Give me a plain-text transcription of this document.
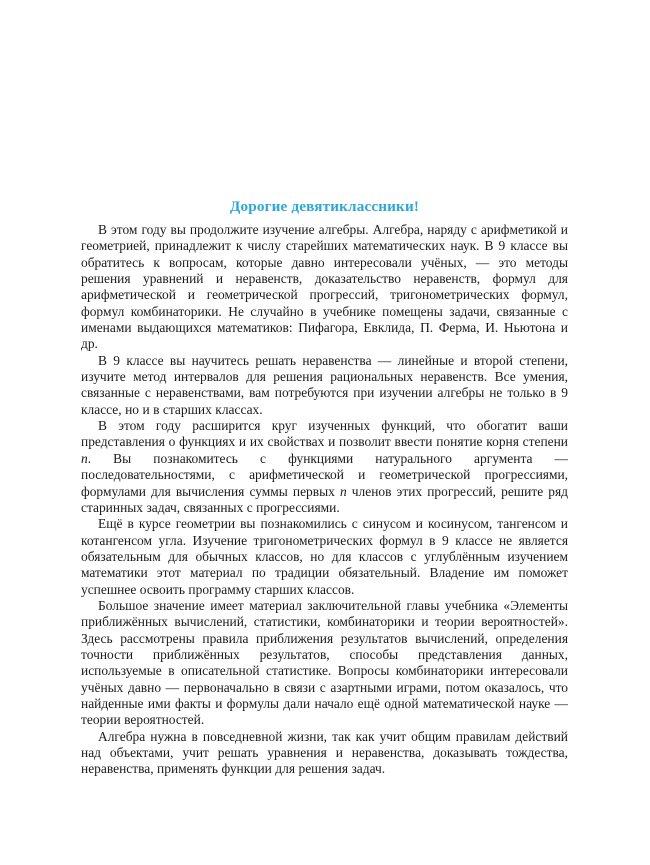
Дорогие девятиклассники!

В этом году вы продолжите изучение алгебры. Алгебра, наряду с арифметикой и геометрией, принадлежит к числу старейших математических наук. В 9 классе вы обратитесь к вопросам, которые давно интересовали учёных, — это методы решения уравнений и неравенств, доказательство неравенств, формул для арифметической и геометрической прогрессий, тригонометрических формул, формул комбинаторики. Не случайно в учебнике помещены задачи, связанные с именами выдающихся математиков: Пифагора, Евклида, П. Ферма, И. Ньютона и др.

В 9 классе вы научитесь решать неравенства — линейные и второй степени, изучите метод интервалов для решения рациональных неравенств. Все умения, связанные с неравенствами, вам потребуются при изучении алгебры не только в 9 классе, но и в старших классах.

В этом году расширится круг изученных функций, что обогатит ваши представления о функциях и их свойствах и позволит ввести понятие корня степени n. Вы познакомитесь с функциями натурального аргумента — последовательностями, с арифметической и геометрической прогрессиями, формулами для вычисления суммы первых n членов этих прогрессий, решите ряд старинных задач, связанных с прогрессиями.

Ещё в курсе геометрии вы познакомились с синусом и косинусом, тангенсом и котангенсом угла. Изучение тригонометрических формул в 9 классе не является обязательным для обычных классов, но для классов с углублённым изучением математики этот материал по традиции обязательный. Владение им поможет успешнее освоить программу старших классов.

Большое значение имеет материал заключительной главы учебника «Элементы приближённых вычислений, статистики, комбинаторики и теории вероятностей». Здесь рассмотрены правила приближения результатов вычислений, определения точности приближённых результатов, способы представления данных, используемые в описательной статистике. Вопросы комбинаторики интересовали учёных давно — первоначально в связи с азартными играми, потом оказалось, что найденные ими факты и формулы дали начало ещё одной математической науке — теории вероятностей.

Алгебра нужна в повседневной жизни, так как учит общим правилам действий над объектами, учит решать уравнения и неравенства, доказывать тождества, неравенства, применять функции для решения задач.
